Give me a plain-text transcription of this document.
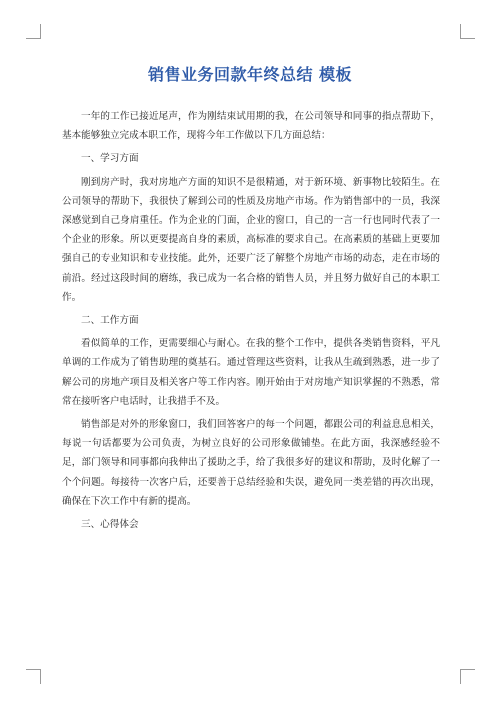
销售业务回款年终总结 模板

一年的工作已接近尾声，作为刚结束试用期的我，在公司领导和同事的指点帮助下，基本能够独立完成本职工作，现将今年工作做以下几方面总结：

一、学习方面

刚到房产时，我对房地产方面的知识不是很精通，对于新环境、新事物比较陌生。在公司领导的帮助下，我很快了解到公司的性质及房地产市场。作为销售部中的一员，我深深感觉到自己身肩重任。作为企业的门面，企业的窗口，自己的一言一行也同时代表了一个企业的形象。所以更要提高自身的素质，高标准的要求自己。在高素质的基础上更要加强自己的专业知识和专业技能。此外，还要广泛了解整个房地产市场的动态，走在市场的前沿。经过这段时间的磨练，我已成为一名合格的销售人员，并且努力做好自己的本职工作。

二、工作方面

看似简单的工作，更需要细心与耐心。在我的整个工作中，提供各类销售资料，平凡单调的工作成为了销售助理的奠基石。通过管理这些资料，让我从生疏到熟悉，进一步了解公司的房地产项目及相关客户等工作内容。刚开始由于对房地产知识掌握的不熟悉，常常在接听客户电话时，让我措手不及。

销售部是对外的形象窗口，我们回答客户的每一个问题，都跟公司的利益息息相关，每说一句话都要为公司负责，为树立良好的公司形象做铺垫。在此方面，我深感经验不足，部门领导和同事都向我伸出了援助之手，给了我很多好的建议和帮助，及时化解了一个个问题。每接待一次客户后，还要善于总结经验和失误，避免同一类差错的再次出现，确保在下次工作中有新的提高。

三、心得体会
